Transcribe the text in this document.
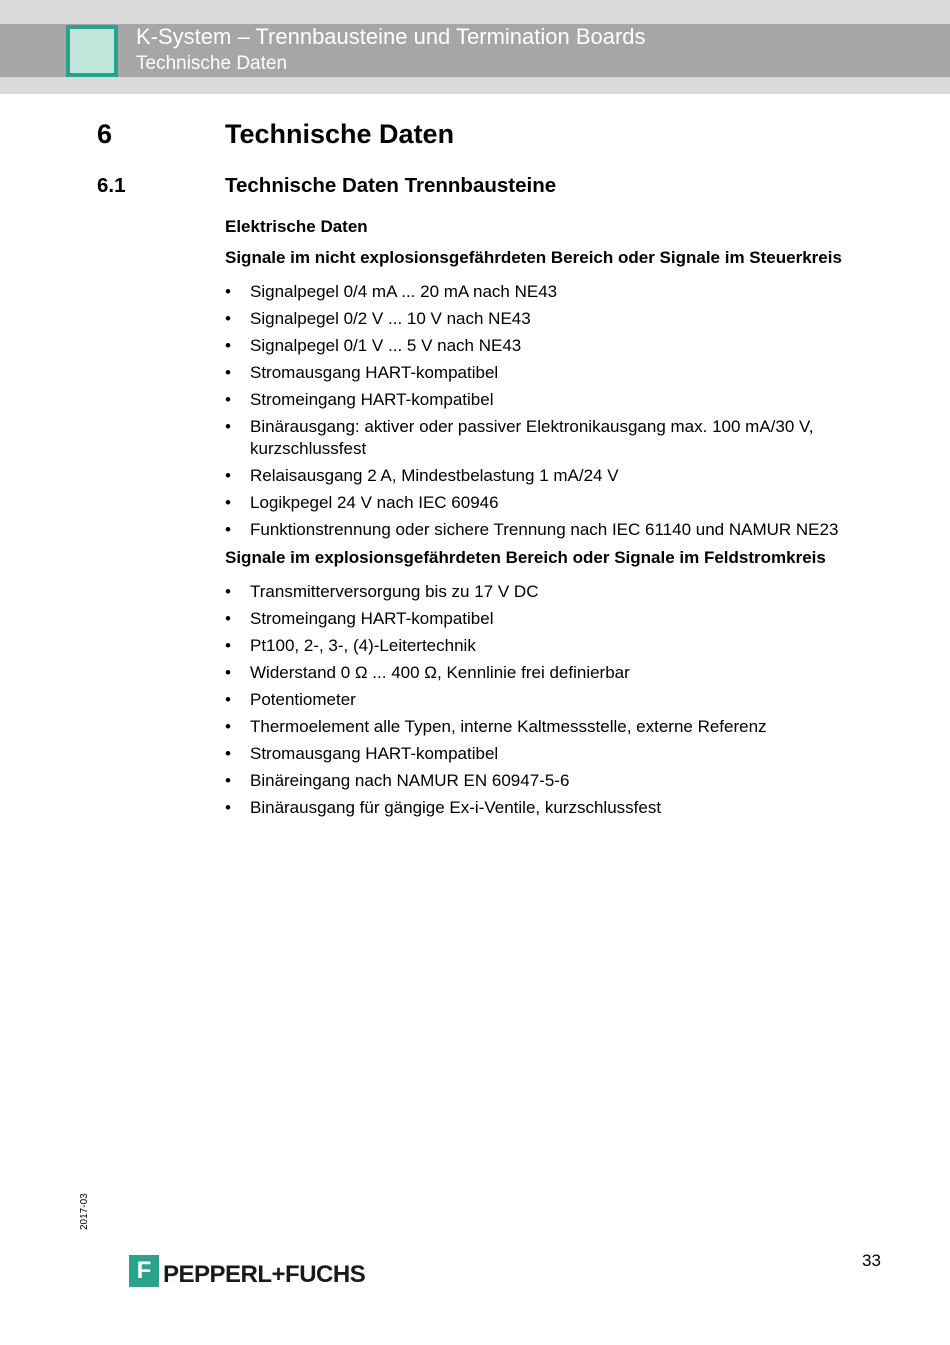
K-System – Trennbausteine und Termination Boards
Technische Daten
6	Technische Daten
6.1	Technische Daten Trennbausteine

Elektrische Daten

Signale im nicht explosionsgefährdeten Bereich oder Signale im Steuerkreis

• Signalpegel 0/4 mA ... 20 mA nach NE43
• Signalpegel 0/2 V ... 10 V nach NE43
• Signalpegel 0/1 V ... 5 V nach NE43
• Stromausgang HART-kompatibel
• Stromeingang HART-kompatibel
• Binärausgang: aktiver oder passiver Elektronikausgang max. 100 mA/30 V, kurzschlussfest
• Relaisausgang 2 A, Mindestbelastung 1 mA/24 V
• Logikpegel 24 V nach IEC 60946
• Funktionstrennung oder sichere Trennung nach IEC 61140 und NAMUR NE23

Signale im explosionsgefährdeten Bereich oder Signale im Feldstromkreis

• Transmitterversorgung bis zu 17 V DC
• Stromeingang HART-kompatibel
• Pt100, 2-, 3-, (4)-Leitertechnik
• Widerstand 0 Ω ... 400 Ω, Kennlinie frei definierbar
• Potentiometer
• Thermoelement alle Typen, interne Kaltmessstelle, externe Referenz
• Stromausgang HART-kompatibel
• Binäreingang nach NAMUR EN 60947-5-6
• Binärausgang für gängige Ex-i-Ventile, kurzschlussfest
2017-03
33
F PEPPERL+FUCHS
